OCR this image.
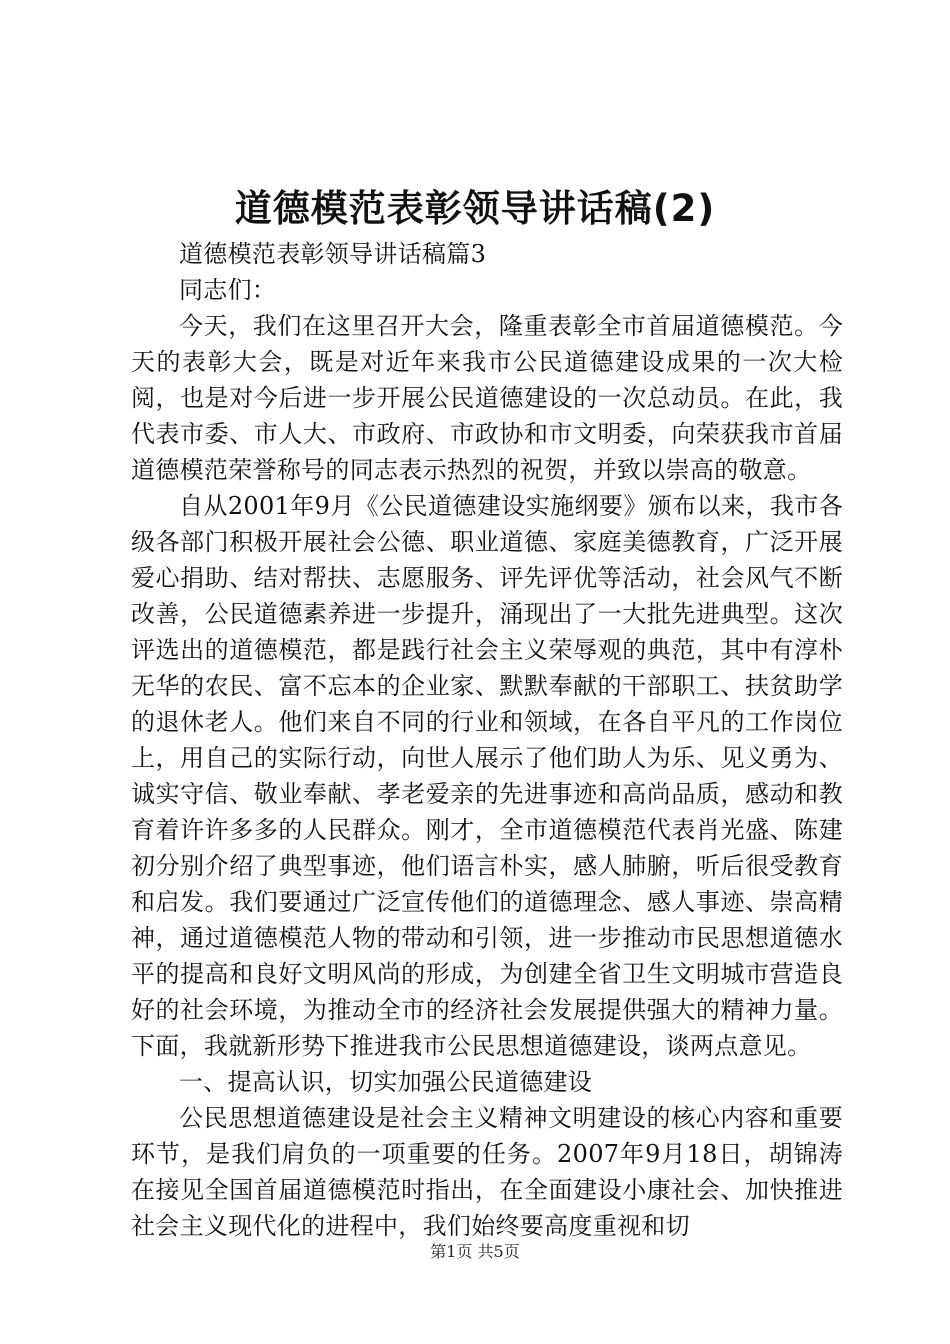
道德模范表彰领导讲话稿(2)

道德模范表彰领导讲话稿篇3

同志们：

今天，我们在这里召开大会，隆重表彰全市首届道德模范。今天的表彰大会，既是对近年来我市公民道德建设成果的一次大检阅，也是对今后进一步开展公民道德建设的一次总动员。在此，我代表市委、市人大、市政府、市政协和市文明委，向荣获我市首届道德模范荣誉称号的同志表示热烈的祝贺，并致以崇高的敬意。

自从2001年9月《公民道德建设实施纲要》颁布以来，我市各级各部门积极开展社会公德、职业道德、家庭美德教育，广泛开展爱心捐助、结对帮扶、志愿服务、评先评优等活动，社会风气不断改善，公民道德素养进一步提升，涌现出了一大批先进典型。这次评选出的道德模范，都是践行社会主义荣辱观的典范，其中有淳朴无华的农民、富不忘本的企业家、默默奉献的干部职工、扶贫助学的退休老人。他们来自不同的行业和领域，在各自平凡的工作岗位上，用自己的实际行动，向世人展示了他们助人为乐、见义勇为、诚实守信、敬业奉献、孝老爱亲的先进事迹和高尚品质，感动和教育着许许多多的人民群众。刚才，全市道德模范代表肖光盛、陈建初分别介绍了典型事迹，他们语言朴实，感人肺腑，听后很受教育和启发。我们要通过广泛宣传他们的道德理念、感人事迹、崇高精神，通过道德模范人物的带动和引领，进一步推动市民思想道德水平的提高和良好文明风尚的形成，为创建全省卫生文明城市营造良好的社会环境，为推动全市的经济社会发展提供强大的精神力量。下面，我就新形势下推进我市公民思想道德建设，谈两点意见。

一、提高认识，切实加强公民道德建设

公民思想道德建设是社会主义精神文明建设的核心内容和重要环节，是我们肩负的一项重要的任务。2007年9月18日，胡锦涛在接见全国首届道德模范时指出，在全面建设小康社会、加快推进社会主义现代化的进程中，我们始终要高度重视和切

第1页 共5页
